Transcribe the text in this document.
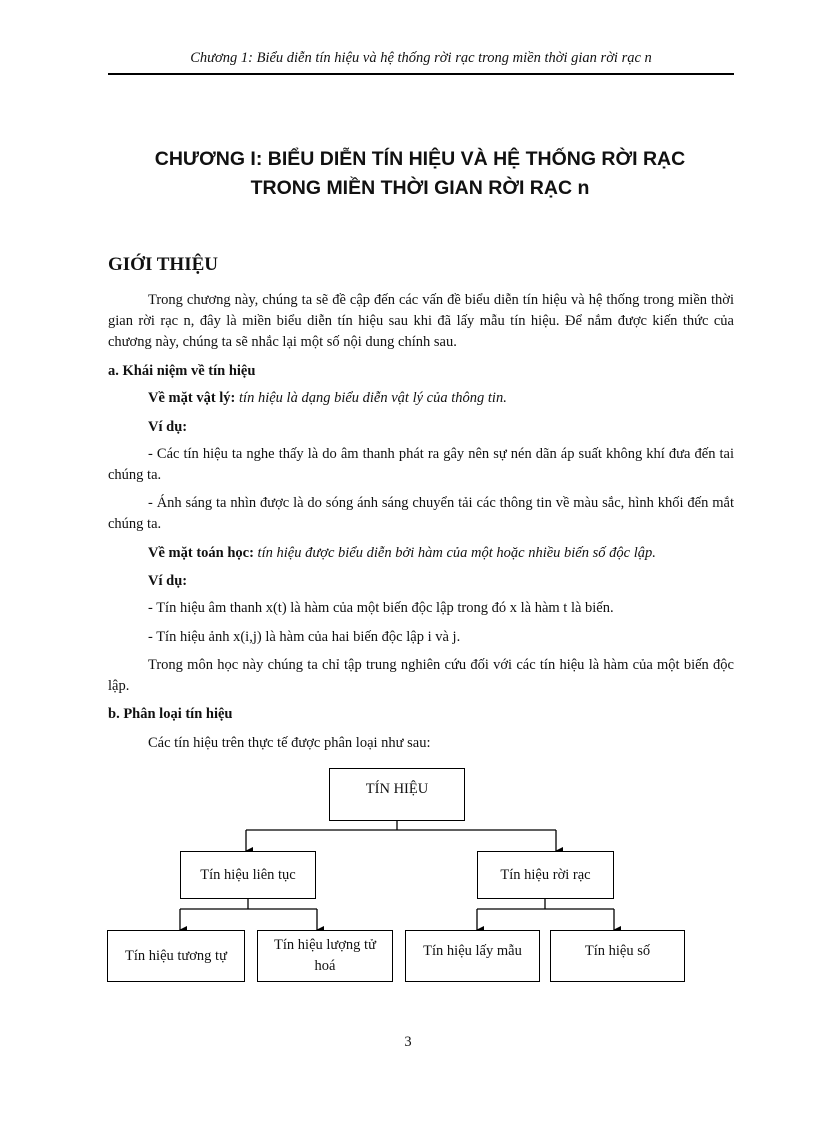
Chương 1: Biểu diễn tín hiệu và hệ thống rời rạc trong miền thời gian rời rạc n
CHƯƠNG I: BIỂU DIỄN TÍN HIỆU VÀ HỆ THỐNG RỜI RẠC
TRONG MIỀN THỜI GIAN RỜI RẠC n
GIỚI THIỆU

Trong chương này, chúng ta sẽ đề cập đến các vấn đề biểu diễn tín hiệu và hệ thống trong miền thời gian rời rạc n, đây là miền biểu diễn tín hiệu sau khi đã lấy mẫu tín hiệu. Để nắm được kiến thức của chương này, chúng ta sẽ nhắc lại một số nội dung chính sau.

a. Khái niệm về tín hiệu

Về mặt vật lý: tín hiệu là dạng biểu diễn vật lý của thông tin.

Ví dụ:

- Các tín hiệu ta nghe thấy là do âm thanh phát ra gây nên sự nén dãn áp suất không khí đưa đến tai chúng ta.

- Ánh sáng ta nhìn được là do sóng ánh sáng chuyển tải các thông tin về màu sắc, hình khối đến mắt chúng ta.

Về mặt toán học: tín hiệu được biểu diễn bởi hàm của một hoặc nhiều biến số độc lập.

Ví dụ:

- Tín hiệu âm thanh x(t) là hàm của một biến độc lập trong đó x là hàm t là biến.

- Tín hiệu ảnh x(i,j) là hàm của hai biến độc lập i và j.

Trong môn học này chúng ta chỉ tập trung nghiên cứu đối với các tín hiệu là hàm của một biến độc lập.

b. Phân loại tín hiệu

Các tín hiệu trên thực tế được phân loại như sau:

TÍN HIỆU
Tín hiệu liên tục	Tín hiệu rời rạc
Tín hiệu tương tự
Tín hiệu lượng tử hoá
Tín hiệu lấy mẫu	Tín hiệu số
3
